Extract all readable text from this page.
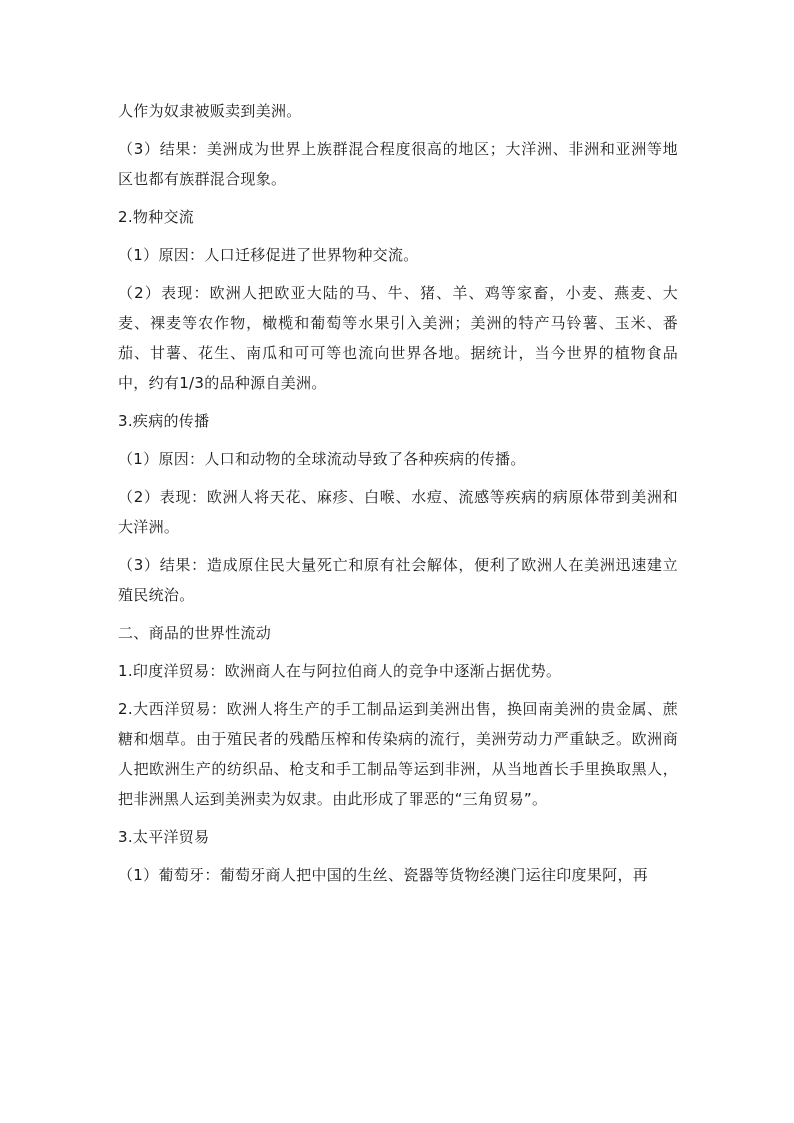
人作为奴隶被贩卖到美洲。

（3）结果：美洲成为世界上族群混合程度很高的地区；大洋洲、非洲和亚洲等地区也都有族群混合现象。

2.物种交流

（1）原因：人口迁移促进了世界物种交流。

（2）表现：欧洲人把欧亚大陆的马、牛、猪、羊、鸡等家畜，小麦、燕麦、大麦、裸麦等农作物，橄榄和葡萄等水果引入美洲；美洲的特产马铃薯、玉米、番茄、甘薯、花生、南瓜和可可等也流向世界各地。据统计，当今世界的植物食品中，约有1/3的品种源自美洲。

3.疾病的传播

（1）原因：人口和动物的全球流动导致了各种疾病的传播。

（2）表现：欧洲人将天花、麻疹、白喉、水痘、流感等疾病的病原体带到美洲和大洋洲。

（3）结果：造成原住民大量死亡和原有社会解体，便利了欧洲人在美洲迅速建立殖民统治。

二、商品的世界性流动

1.印度洋贸易：欧洲商人在与阿拉伯商人的竞争中逐渐占据优势。

2.大西洋贸易：欧洲人将生产的手工制品运到美洲出售，换回南美洲的贵金属、蔗糖和烟草。由于殖民者的残酷压榨和传染病的流行，美洲劳动力严重缺乏。欧洲商人把欧洲生产的纺织品、枪支和手工制品等运到非洲，从当地酋长手里换取黑人，把非洲黑人运到美洲卖为奴隶。由此形成了罪恶的“三角贸易”。

3.太平洋贸易

（1）葡萄牙：葡萄牙商人把中国的生丝、瓷器等货物经澳门运往印度果阿，再
